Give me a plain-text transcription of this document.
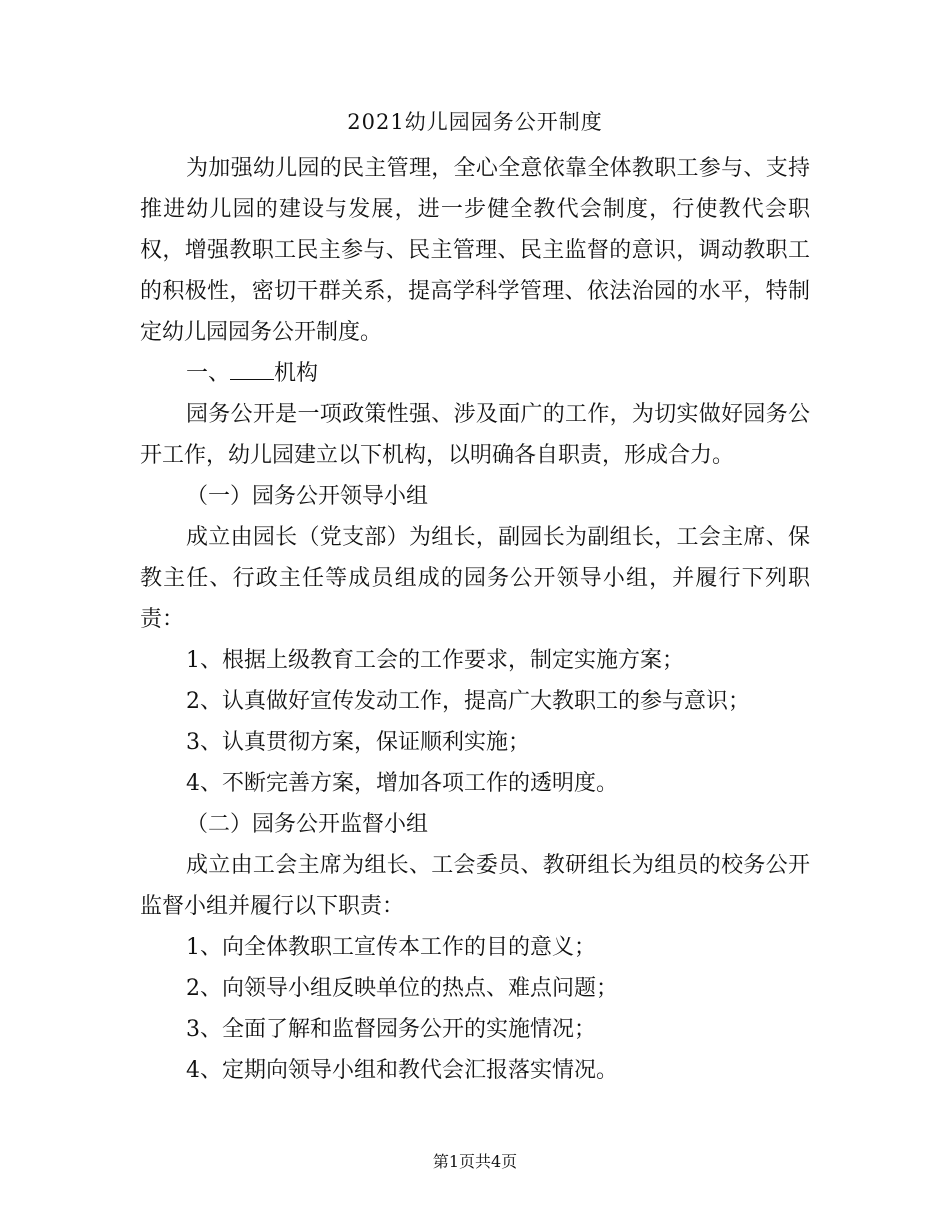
2021幼儿园园务公开制度

为加强幼儿园的民主管理，全心全意依靠全体教职工参与、支持推进幼儿园的建设与发展，进一步健全教代会制度，行使教代会职权，增强教职工民主参与、民主管理、民主监督的意识，调动教职工的积极性，密切干群关系，提高学科学管理、依法治园的水平，特制定幼儿园园务公开制度。

一、 机构

园务公开是一项政策性强、涉及面广的工作，为切实做好园务公开工作，幼儿园建立以下机构，以明确各自职责，形成合力。

（一）园务公开领导小组

成立由园长（党支部）为组长，副园长为副组长，工会主席、保教主任、行政主任等成员组成的园务公开领导小组，并履行下列职责：

1、根据上级教育工会的工作要求，制定实施方案；

2、认真做好宣传发动工作，提高广大教职工的参与意识；

3、认真贯彻方案，保证顺利实施；

4、不断完善方案，增加各项工作的透明度。

（二）园务公开监督小组

成立由工会主席为组长、工会委员、教研组长为组员的校务公开监督小组并履行以下职责：

1、向全体教职工宣传本工作的目的意义；

2、向领导小组反映单位的热点、难点问题；

3、全面了解和监督园务公开的实施情况；

4、定期向领导小组和教代会汇报落实情况。

第1页共4页
